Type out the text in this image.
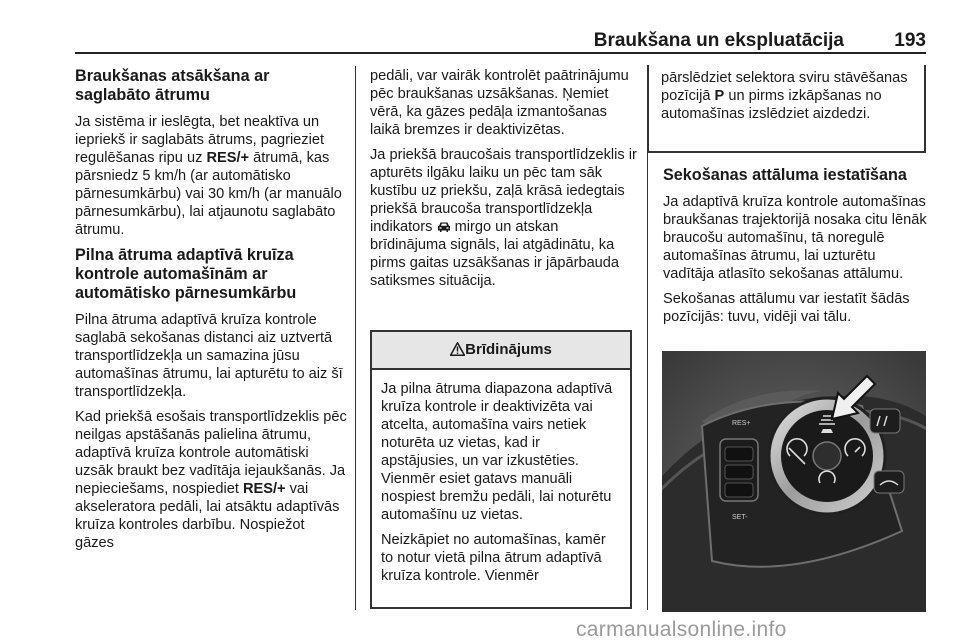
Braukšana un ekspluatācija	193
Braukšanas atsākšana ar saglabāto ātrumu

Ja sistēma ir ieslēgta, bet neaktīva un iepriekš ir saglabāts ātrums, pagrieziet regulēšanas ripu uz RES/+ ātrumā, kas pārsniedz 5 km/h (ar automātisko pārnesumkārbu) vai 30 km/h (ar manuālo pārnesumkārbu), lai atjaunotu saglabāto ātrumu.

Pilna ātruma adaptīvā kruīza kontrole automašīnām ar automātisko pārnesumkārbu

Pilna ātruma adaptīvā kruīza kontrole saglabā sekošanas distanci aiz uztvertā transportlīdzekļa un samazina jūsu automašīnas ātrumu, lai apturētu to aiz šī transportlīdzekļa.

Kad priekšā esošais transportlīdzeklis pēc neilgas apstāšanās palielina ātrumu, adaptīvā kruīza kontrole automātiski uzsāk braukt bez vadītāja iejaukšanās. Ja nepieciešams, nospiediet RES/+ vai akseleratora pedāli, lai atsāktu adaptīvās kruīza kontroles darbību. Nospiežot gāzes

pedāli, var vairāk kontrolēt paātrinājumu pēc braukšanas uzsākšanas. Ņemiet vērā, ka gāzes pedāļa izmantošanas laikā bremzes ir deaktivizētas.

Ja priekšā braucošais transportlīdzeklis ir apturēts ilgāku laiku un pēc tam sāk kustību uz priekšu, zaļā krāsā iedegtais priekšā braucoša transportlīdzekļa indikators  mirgo un atskan brīdinājuma signāls, lai atgādinātu, ka pirms gaitas uzsākšanas ir jāpārbauda satiksmes situācija.

Brīdinājums

Ja pilna ātruma diapazona adaptīvā kruīza kontrole ir deaktivizēta vai atcelta, automašīna vairs netiek noturēta uz vietas, kad ir apstājusies, un var izkustēties. Vienmēr esiet gatavs manuāli nospiest bremžu pedāli, lai noturētu automašīnu uz vietas.

Neizkāpiet no automašīnas, kamēr to notur vietā pilna ātrum adaptīvā kruīza kontrole. Vienmēr

pārslēdziet selektora sviru stāvēšanas pozīcijā P un pirms izkāpšanas no automašīnas izslēdziet aizdedzi.
Sekošanas attāluma iestatīšana

Ja adaptīvā kruīza kontrole automašīnas braukšanas trajektorijā nosaka citu lēnāk braucošu automašīnu, tā noregulē automašīnas ātrumu, lai uzturētu vadītāja atlasīto sekošanas attālumu.

Sekošanas attālumu var iestatīt šādās pozīcijās: tuvu, vidēji vai tālu.

RES+
SET-
carmanualsonline.info
